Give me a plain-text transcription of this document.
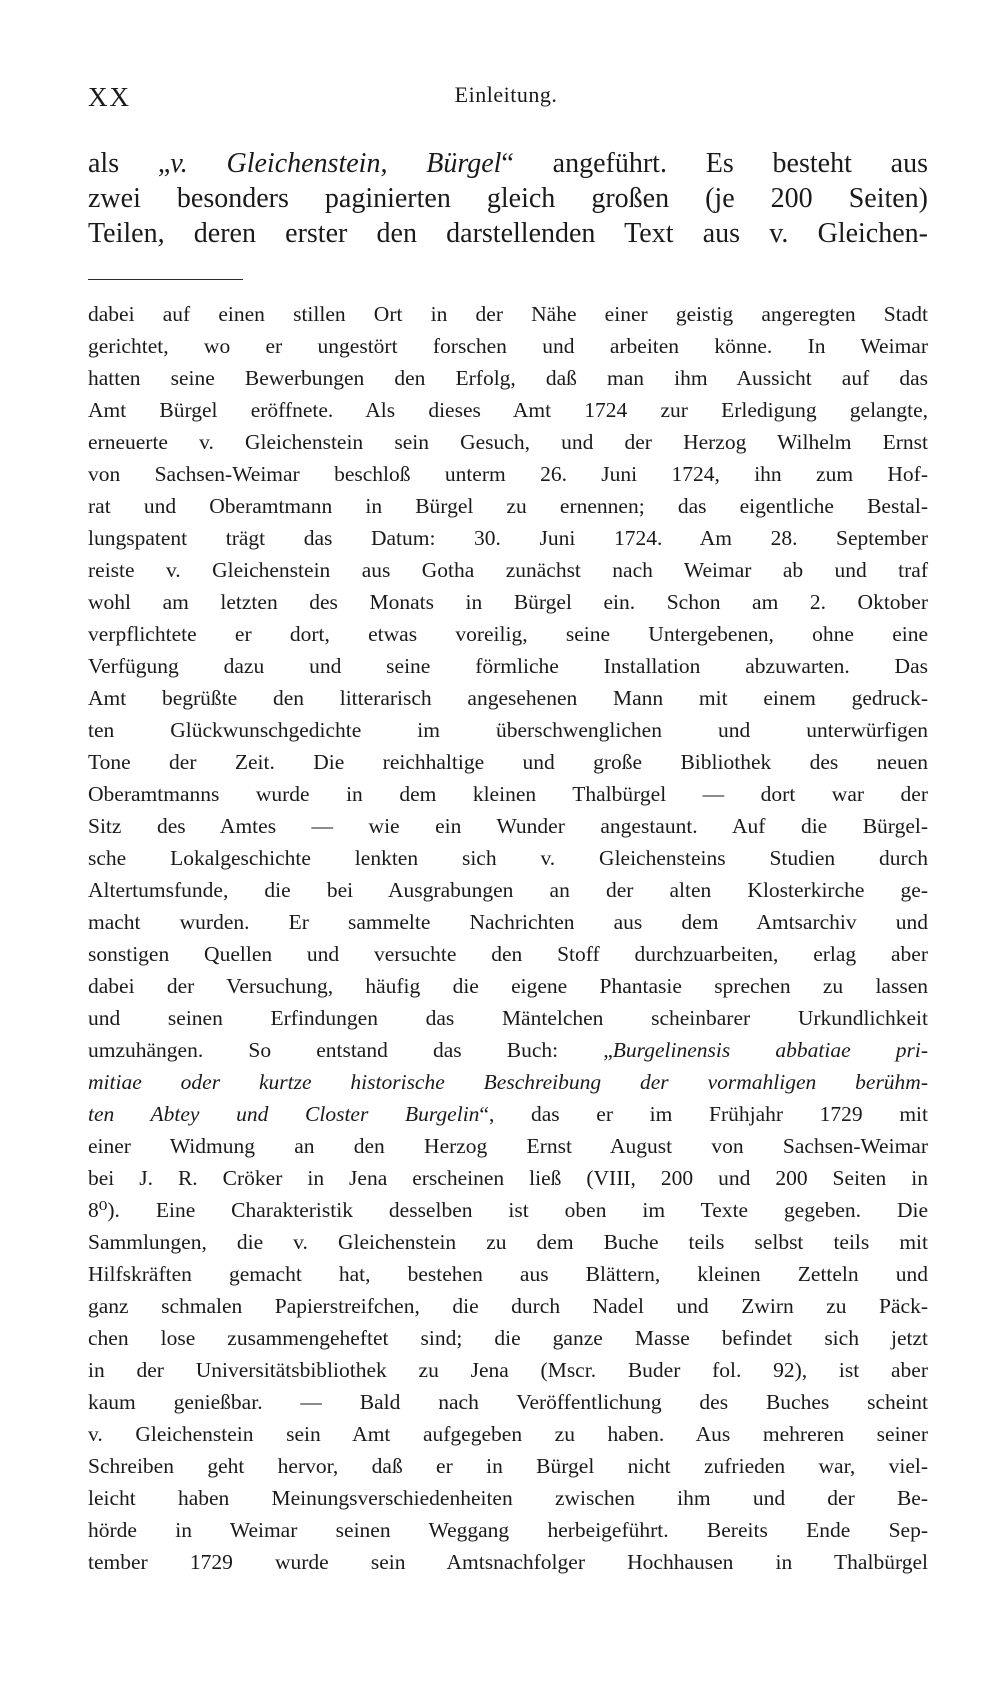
XX	Einleitung.
als „v. Gleichenstein, Bürgel“ angeführt. Es besteht aus
zwei besonders paginierten gleich großen (je 200 Seiten)
Teilen, deren erster den darstellenden Text aus v. Gleichen-
dabei auf einen stillen Ort in der Nähe einer geistig angeregten Stadt
gerichtet, wo er ungestört forschen und arbeiten könne. In Weimar
hatten seine Bewerbungen den Erfolg, daß man ihm Aussicht auf das
Amt Bürgel eröffnete. Als dieses Amt 1724 zur Erledigung gelangte,
erneuerte v. Gleichenstein sein Gesuch, und der Herzog Wilhelm Ernst
von Sachsen-Weimar beschloß unterm 26. Juni 1724, ihn zum Hof-
rat und Oberamtmann in Bürgel zu ernennen; das eigentliche Bestal-
lungspatent trägt das Datum: 30. Juni 1724. Am 28. September
reiste v. Gleichenstein aus Gotha zunächst nach Weimar ab und traf
wohl am letzten des Monats in Bürgel ein. Schon am 2. Oktober
verpflichtete er dort, etwas voreilig, seine Untergebenen, ohne eine
Verfügung dazu und seine förmliche Installation abzuwarten. Das
Amt begrüßte den litterarisch angesehenen Mann mit einem gedruck-
ten Glückwunschgedichte im überschwenglichen und unterwürfigen
Tone der Zeit. Die reichhaltige und große Bibliothek des neuen
Oberamtmanns wurde in dem kleinen Thalbürgel — dort war der
Sitz des Amtes — wie ein Wunder angestaunt. Auf die Bürgel-
sche Lokalgeschichte lenkten sich v. Gleichensteins Studien durch
Altertumsfunde, die bei Ausgrabungen an der alten Klosterkirche ge-
macht wurden. Er sammelte Nachrichten aus dem Amtsarchiv und
sonstigen Quellen und versuchte den Stoff durchzuarbeiten, erlag aber
dabei der Versuchung, häufig die eigene Phantasie sprechen zu lassen
und seinen Erfindungen das Mäntelchen scheinbarer Urkundlichkeit
umzuhängen. So entstand das Buch: „Burgelinensis abbatiae pri-
mitiae oder kurtze historische Beschreibung der vormahligen berühm-
ten Abtey und Closter Burgelin“, das er im Frühjahr 1729 mit
einer Widmung an den Herzog Ernst August von Sachsen-Weimar
bei J. R. Cröker in Jena erscheinen ließ (VIII, 200 und 200 Seiten in
8⁰). Eine Charakteristik desselben ist oben im Texte gegeben. Die
Sammlungen, die v. Gleichenstein zu dem Buche teils selbst teils mit
Hilfskräften gemacht hat, bestehen aus Blättern, kleinen Zetteln und
ganz schmalen Papierstreifchen, die durch Nadel und Zwirn zu Päck-
chen lose zusammengeheftet sind; die ganze Masse befindet sich jetzt
in der Universitätsbibliothek zu Jena (Mscr. Buder fol. 92), ist aber
kaum genießbar. — Bald nach Veröffentlichung des Buches scheint
v. Gleichenstein sein Amt aufgegeben zu haben. Aus mehreren seiner
Schreiben geht hervor, daß er in Bürgel nicht zufrieden war, viel-
leicht haben Meinungsverschiedenheiten zwischen ihm und der Be-
hörde in Weimar seinen Weggang herbeigeführt. Bereits Ende Sep-
tember 1729 wurde sein Amtsnachfolger Hochhausen in Thalbürgel
